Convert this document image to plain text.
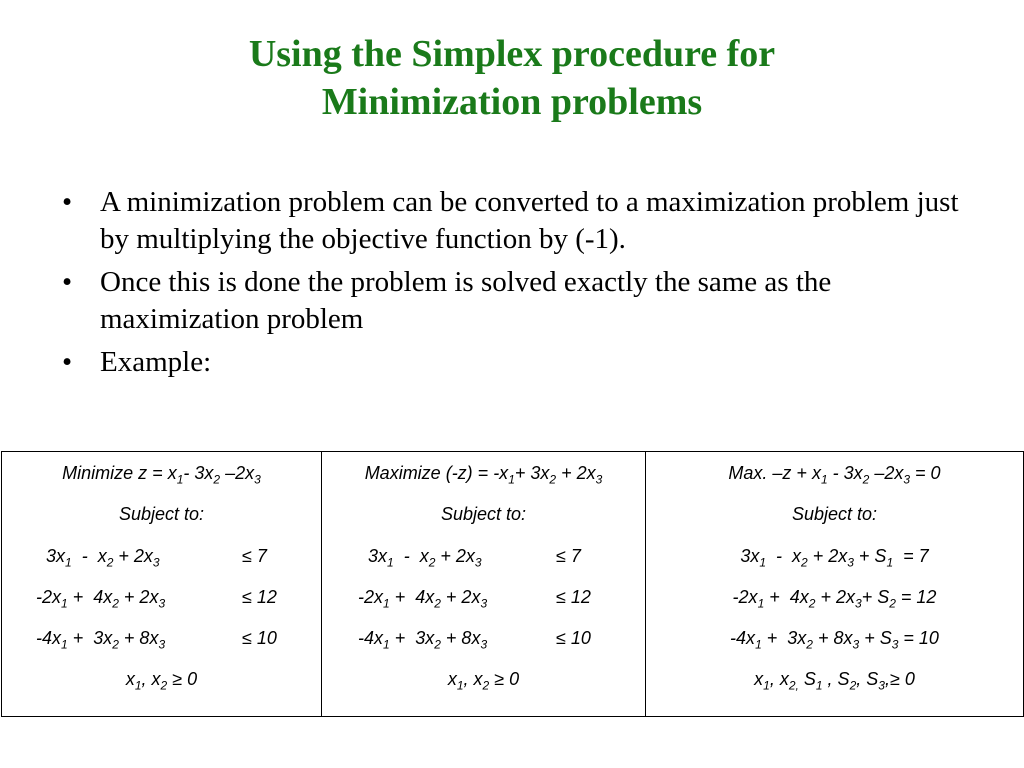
Using the Simplex procedure for
Minimization problems
• A minimization problem can be converted to a maximization problem just by multiplying the objective function by (-1).
• Once this is done the problem is solved exactly the same as the maximization problem
• Example:
Minimize $z = x_1-$ $3x_2$ $-2x_3$
Subject to:
$3x_1 - x_2 + 2x_3$	≤ 7
$-2x_1 + 4x_2 + 2x_3$	≤ 12
$-4x_1 + 3x_2 + 8x_3$	≤ 10
$x_1$, $x_2 \ge 0$

Maximize $(-z) = -x_1+ 3x_2 + 2x_3$
Subject to:
$3x_1 - x_2 + 2x_3$	≤ 7
$-2x_1 + 4x_2 + 2x_3$	≤ 12
$-4x_1 + 3x_2 + 8x_3$	≤ 10
$x_1$, $x_2 \ge 0$

Max. $-z + x_1 - 3x_2$ $-2x_3 = 0$
Subject to:
$3x_1 - x_2 + 2x_3 + S_1 = 7$
$-2x_1 + 4x_2 + 2x_3+ S_2 = 12$
$-4x_1 + 3x_2 + 8x_3 + S_3 = 10$
$x_1$, $x_{2,}$ $S_1$ , $S_2$, $S_3,\ge 0$
